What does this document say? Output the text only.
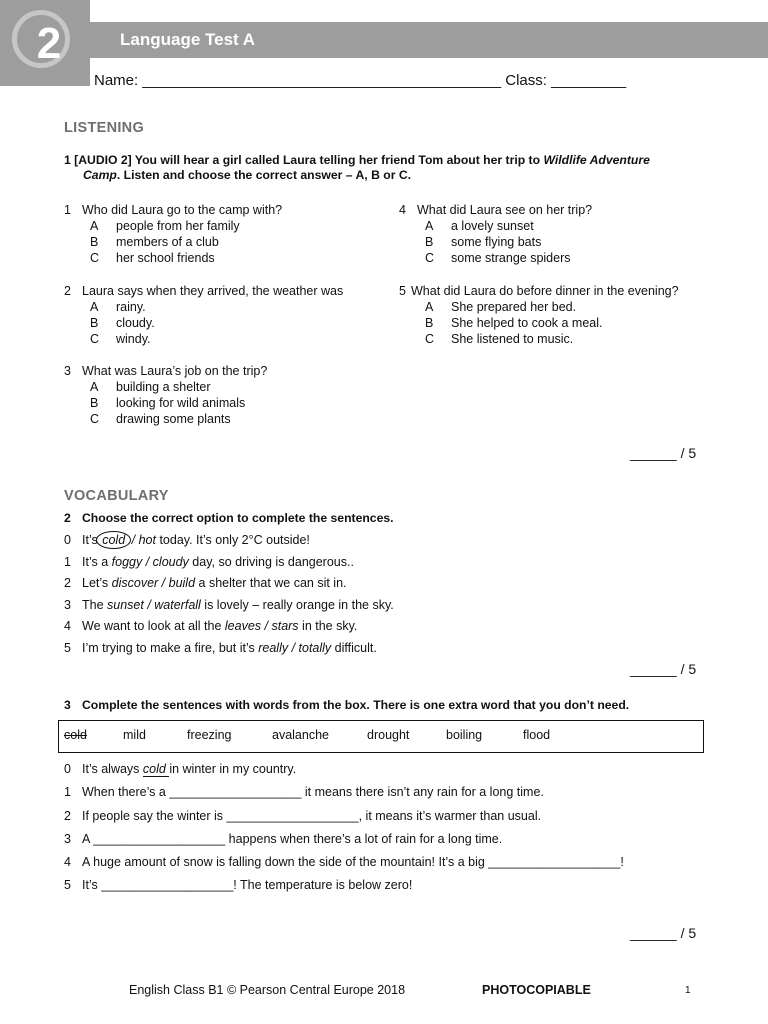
2	Language Test A
Name: ___________________________________________ Class: _________
LISTENING
1 [AUDIO 2] You will hear a girl called Laura telling her friend Tom about her trip to Wildlife Adventure
Camp. Listen and choose the correct answer – A, B or C.
1 Who did Laura go to the camp with?
A	people from her family
B	members of a club
C	her school friends
2 Laura says when they arrived, the weather was
A	rainy.
B	cloudy.
C	windy.
3 What was Laura’s job on the trip?
A	building a shelter
B	looking for wild animals
C	drawing some plants
4 What did Laura see on her trip?
A	a lovely sunset
B	some flying bats
C	some strange spiders
5 What did Laura do before dinner in the evening?
A	She prepared her bed.
B	She helped to cook a meal.
C	She listened to music.
______ / 5
VOCABULARY
2 Choose the correct option to complete the sentences.
0 It’s cold / hot today. It’s only 2°C outside!
1 It’s a foggy / cloudy day, so driving is dangerous..
2 Let’s discover / build a shelter that we can sit in.
3 The sunset / waterfall is lovely – really orange in the sky.
4 We want to look at all the leaves / stars in the sky.
5 I’m trying to make a fire, but it’s really / totally difficult.
______ / 5
3 Complete the sentences with words from the box. There is one extra word that you don’t need.
cold	mild	freezing	avalanche	drought	boiling	flood
0 It’s always cold in winter in my country.
1 When there’s a ___________________ it means there isn’t any rain for a long time.
2 If people say the winter is ___________________, it means it’s warmer than usual.
3 A ___________________ happens when there’s a lot of rain for a long time.
4 A huge amount of snow is falling down the side of the mountain! It’s a big ___________________!
5 It’s ___________________! The temperature is below zero!
______ / 5
English Class B1 © Pearson Central Europe 2018	PHOTOCOPIABLE	1
